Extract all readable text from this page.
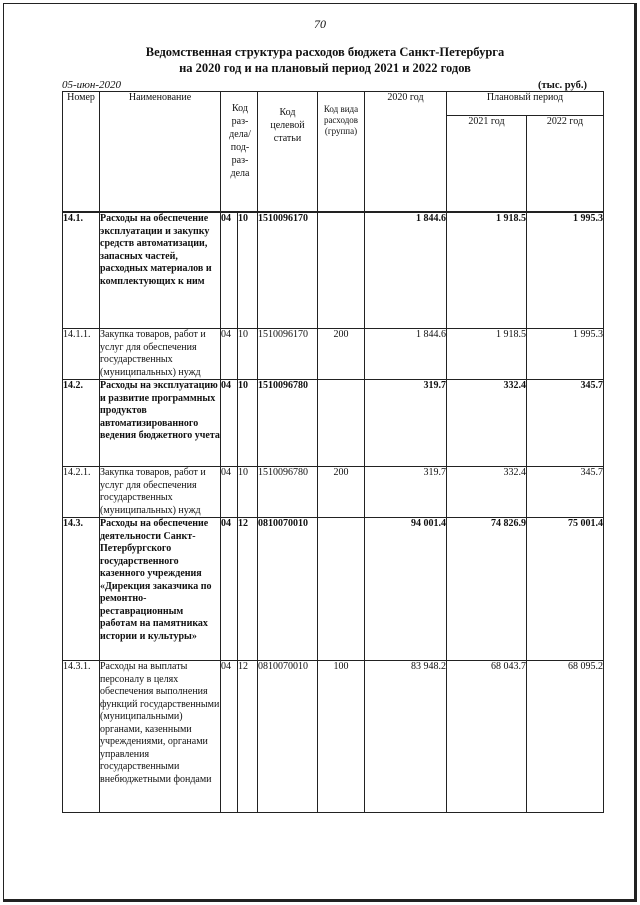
70
Ведомственная структура расходов бюджета Санкт-Петербурга
на 2020 год и на плановый период 2021 и 2022 годов
05-июн-2020	(тыс. руб.)
Номер	Наименование	Код раз-дела/ под-раз-дела		Код целевой статьи	Код вида расходов (группа)	2020 год	Плановый период	
							2021 год	2022 год

14.1.	Расходы на обеспечение эксплуатации и закупку средств автоматизации, запасных частей, расходных материалов и комплектующих к ним	04	10	1510096170		1 844.6	1 918.5	1 995.3
14.1.1.	Закупка товаров, работ и услуг для обеспечения государственных (муниципальных) нужд	04	10	1510096170	200	1 844.6	1 918.5	1 995.3
14.2.	Расходы на эксплуатацию и развитие программных продуктов автоматизированного ведения бюджетного учета	04	10	1510096780		319.7	332.4	345.7
14.2.1.	Закупка товаров, работ и услуг для обеспечения государственных (муниципальных) нужд	04	10	1510096780	200	319.7	332.4	345.7
14.3.	Расходы на обеспечение деятельности Санкт-Петербургского государственного казенного учреждения «Дирекция заказчика по ремонтно-реставрационным работам на памятниках истории и культуры»	04	12	0810070010		94 001.4	74 826.9	75 001.4
14.3.1.	Расходы на выплаты персоналу в целях обеспечения выполнения функций государственными (муниципальными) органами, казенными учреждениями, органами управления государственными внебюджетными фондами	04	12	0810070010	100	83 948.2	68 043.7	68 095.2
